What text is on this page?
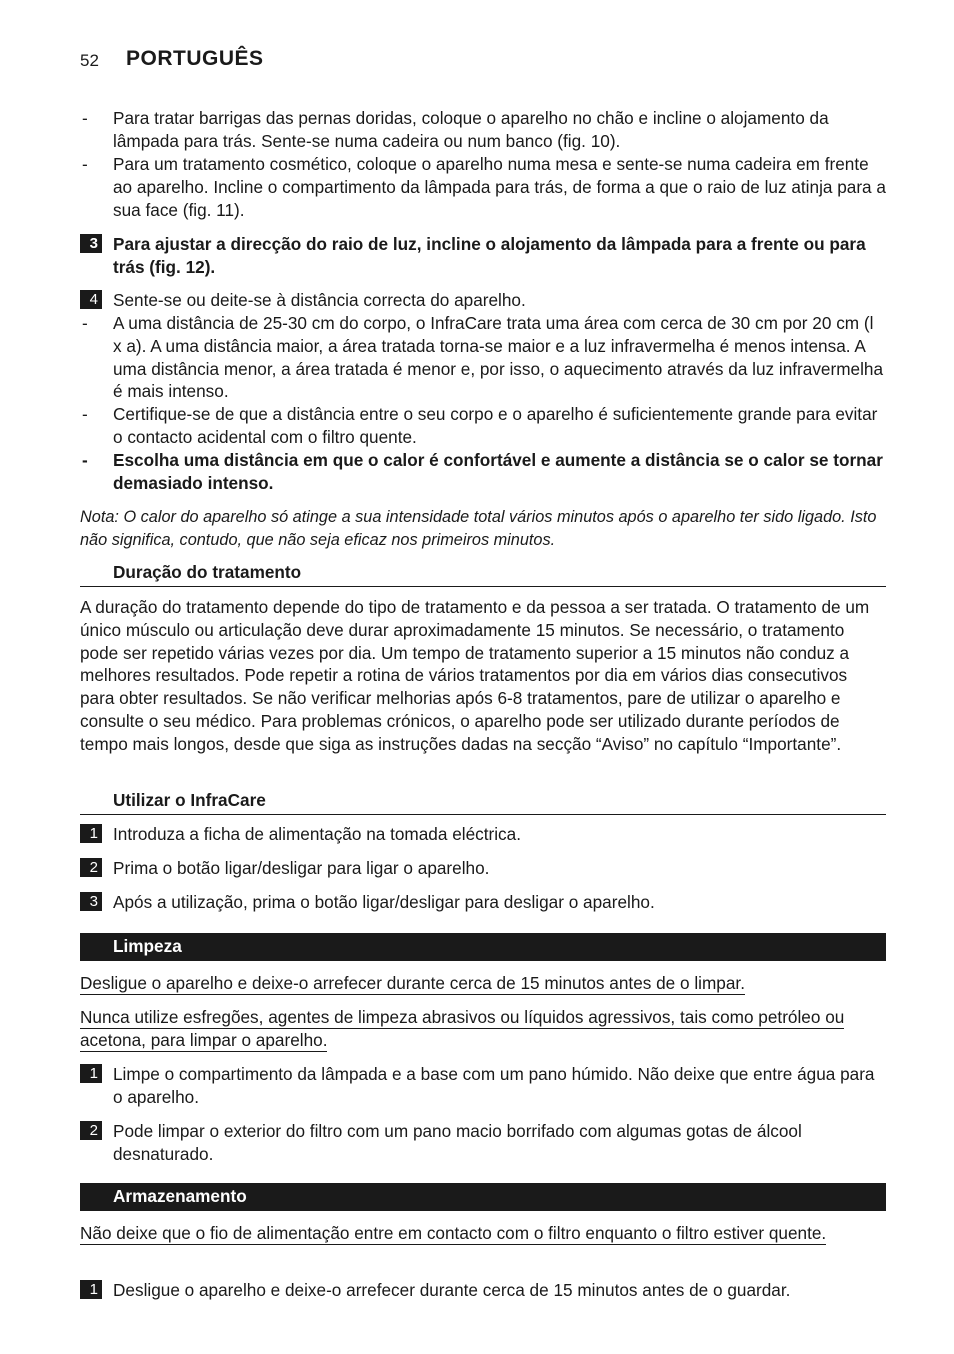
52 PORTUGUÊS
- Para tratar barrigas das pernas doridas, coloque o aparelho no chão e incline o alojamento da lâmpada para trás. Sente-se numa cadeira ou num banco (fig. 10).
- Para um tratamento cosmético, coloque o aparelho numa mesa e sente-se numa cadeira em frente ao aparelho. Incline o compartimento da lâmpada para trás, de forma a que o raio de luz atinja para a sua face (fig. 11).
3 Para ajustar a direcção do raio de luz, incline o alojamento da lâmpada para a frente ou para trás (fig. 12).
4 Sente-se ou deite-se à distância correcta do aparelho.
- A uma distância de 25-30 cm do corpo, o InfraCare trata uma área com cerca de 30 cm por 20 cm (l x a). A uma distância maior, a área tratada torna-se maior e a luz infravermelha é menos intensa. A uma distância menor, a área tratada é menor e, por isso, o aquecimento através da luz infravermelha é mais intenso.
- Certifique-se de que a distância entre o seu corpo e o aparelho é suficientemente grande para evitar o contacto acidental com o filtro quente.
- Escolha uma distância em que o calor é confortável e aumente a distância se o calor se tornar demasiado intenso.
Nota: O calor do aparelho só atinge a sua intensidade total vários minutos após o aparelho ter sido ligado. Isto não significa, contudo, que não seja eficaz nos primeiros minutos.
Duração do tratamento
A duração do tratamento depende do tipo de tratamento e da pessoa a ser tratada. O tratamento de um único músculo ou articulação deve durar aproximadamente 15 minutos. Se necessário, o tratamento pode ser repetido várias vezes por dia. Um tempo de tratamento superior a 15 minutos não conduz a melhores resultados. Pode repetir a rotina de vários tratamentos por dia em vários dias consecutivos para obter resultados. Se não verificar melhorias após 6-8 tratamentos, pare de utilizar o aparelho e consulte o seu médico. Para problemas crónicos, o aparelho pode ser utilizado durante períodos de tempo mais longos, desde que siga as instruções dadas na secção “Aviso” no capítulo “Importante”.
Utilizar o InfraCare
1 Introduza a ficha de alimentação na tomada eléctrica.
2 Prima o botão ligar/desligar para ligar o aparelho.
3 Após a utilização, prima o botão ligar/desligar para desligar o aparelho.
Limpeza
Desligue o aparelho e deixe-o arrefecer durante cerca de 15 minutos antes de o limpar.
Nunca utilize esfregões, agentes de limpeza abrasivos ou líquidos agressivos, tais como petróleo ou acetona, para limpar o aparelho.
1 Limpe o compartimento da lâmpada e a base com um pano húmido. Não deixe que entre água para o aparelho.
2 Pode limpar o exterior do filtro com um pano macio borrifado com algumas gotas de álcool desnaturado.
Armazenamento
Não deixe que o fio de alimentação entre em contacto com o filtro enquanto o filtro estiver quente.
1 Desligue o aparelho e deixe-o arrefecer durante cerca de 15 minutos antes de o guardar.
